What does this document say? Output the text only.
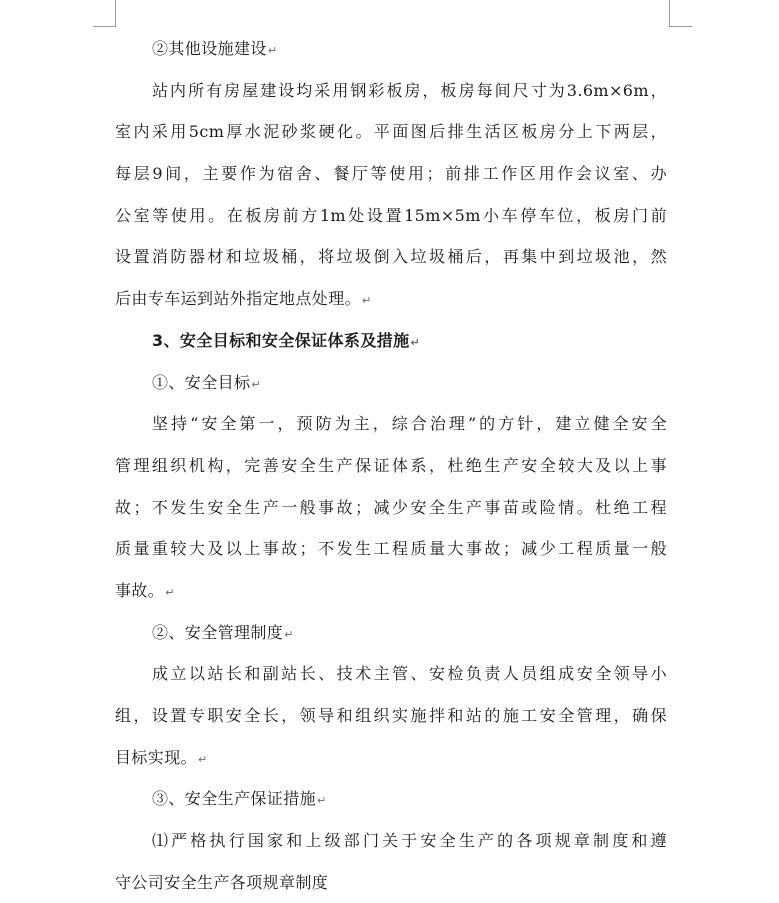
②其他设施建设↵
站内所有房屋建设均采用钢彩板房，板房每间尺寸为3.6m×6m，
室内采用5cm厚水泥砂浆硬化。平面图后排生活区板房分上下两层，
每层9间，主要作为宿舍、餐厅等使用；前排工作区用作会议室、办
公室等使用。在板房前方1m处设置15m×5m小车停车位，板房门前
设置消防器材和垃圾桶，将垃圾倒入垃圾桶后，再集中到垃圾池，然
后由专车运到站外指定地点处理。↵
3、安全目标和安全保证体系及措施↵
①、安全目标↵
坚持“安全第一，预防为主，综合治理”的方针，建立健全安全
管理组织机构，完善安全生产保证体系，杜绝生产安全较大及以上事
故；不发生安全生产一般事故；减少安全生产事苗或险情。杜绝工程
质量重较大及以上事故；不发生工程质量大事故；减少工程质量一般
事故。↵
②、安全管理制度↵
成立以站长和副站长、技术主管、安检负责人员组成安全领导小
组，设置专职安全长，领导和组织实施拌和站的施工安全管理，确保
目标实现。↵
③、安全生产保证措施↵
⑴严格执行国家和上级部门关于安全生产的各项规章制度和遵
守公司安全生产各项规章制度
